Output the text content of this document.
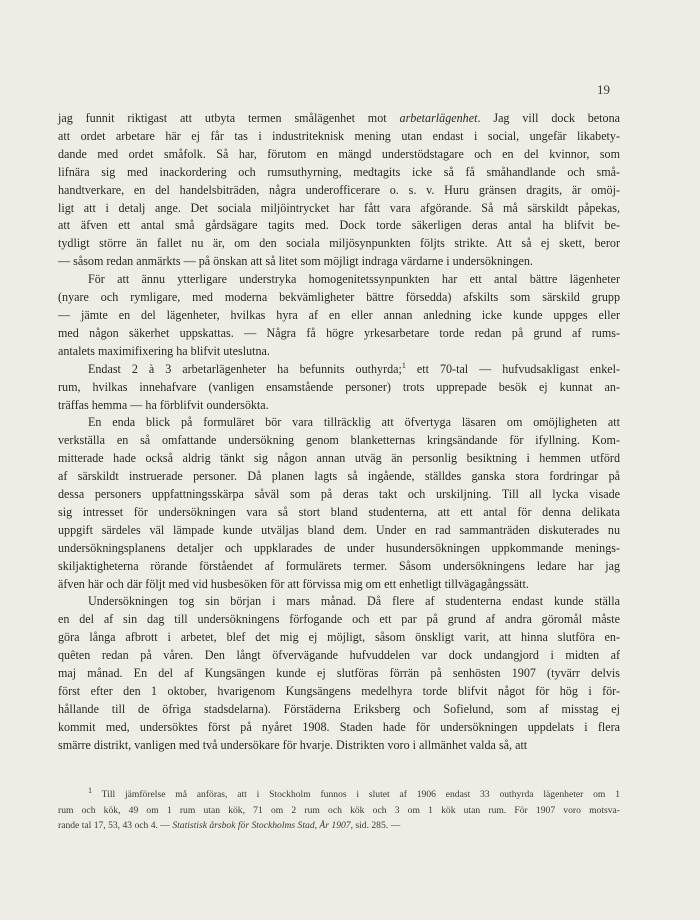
19
jag funnit riktigast att utbyta termen smålägenhet mot arbetarlägenhet. Jag vill dock betona
att ordet arbetare här ej får tas i industriteknisk mening utan endast i social, ungefär likabety-
dande med ordet småfolk. Så har, förutom en mängd understödstagare och en del kvinnor, som
lifnära sig med inackordering och rumsuthyrning, medtagits icke så få småhandlande och små-
handtverkare, en del handelsbiträden, några underofficerare o. s. v. Huru gränsen dragits, är omöj-
ligt att i detalj ange. Det sociala miljöintrycket har fått vara afgörande. Så må särskildt påpekas,
att äfven ett antal små gårdsägare tagits med. Dock torde säkerligen deras antal ha blifvit be-
tydligt större än fallet nu är, om den sociala miljösynpunkten följts strikte. Att så ej skett, beror
— såsom redan anmärkts — på önskan att så litet som möjligt indraga värdarne i undersökningen.
För att ännu ytterligare understryka homogenitetssynpunkten har ett antal bättre lägenheter
(nyare och rymligare, med moderna bekvämligheter bättre försedda) afskilts som särskild grupp
— jämte en del lägenheter, hvilkas hyra af en eller annan anledning icke kunde uppges eller
med någon säkerhet uppskattas. — Några få högre yrkesarbetare torde redan på grund af rums-
antalets maximifixering ha blifvit uteslutna.
Endast 2 à 3 arbetarlägenheter ha befunnits outhyrda;$^1$ ett 70-tal — hufvudsakligast enkel-
rum, hvilkas innehafvare (vanligen ensamstående personer) trots upprepade besök ej kunnat an-
träffas hemma — ha förblifvit oundersökta.
En enda blick på formuläret bör vara tillräcklig att öfvertyga läsaren om omöjligheten att
verkställa en så omfattande undersökning genom blanketternas kringsändande för ifyllning. Kom-
mitterade hade också aldrig tänkt sig någon annan utväg än personlig besiktning i hemmen utförd
af särskildt instruerade personer. Då planen lagts så ingående, ställdes ganska stora fordringar på
dessa personers uppfattningsskärpa såväl som på deras takt och urskiljning. Till all lycka visade
sig intresset för undersökningen vara så stort bland studenterna, att ett antal för denna delikata
uppgift särdeles väl lämpade kunde utväljas bland dem. Under en rad sammanträden diskuterades nu
undersökningsplanens detaljer och uppklarades de under husundersökningen uppkommande menings-
skiljaktigheterna rörande förståendet af formulärets termer. Såsom undersökningens ledare har jag
äfven här och där följt med vid husbesöken för att förvissa mig om ett enhetligt tillvägagångssätt.
Undersökningen tog sin början i mars månad. Då flere af studenterna endast kunde ställa
en del af sin dag till undersökningens förfogande och ett par på grund af andra göromål måste
göra långa afbrott i arbetet, blef det mig ej möjligt, såsom önskligt varit, att hinna slutföra en-
quêten redan på våren. Den långt öfvervägande hufvuddelen var dock undangjord i midten af
maj månad. En del af Kungsängen kunde ej slutföras förrän på senhösten 1907 (tyvärr delvis
först efter den 1 oktober, hvarigenom Kungsängens medelhyra torde blifvit något för hög i för-
hållande till de öfriga stadsdelarna). Förstäderna Eriksberg och Sofielund, som af misstag ej
kommit med, undersöktes först på nyåret 1908. Staden hade för undersökningen uppdelats i flera
smärre distrikt, vanligen med två undersökare för hvarje. Distrikten voro i allmänhet valda så, att
$^1$ Till jämförelse må anföras, att i Stockholm funnos i slutet af 1906 endast 33 outhyrda lägenheter om 1
rum och kök, 49 om 1 rum utan kök, 71 om 2 rum och kök och 3 om 1 kök utan rum. För 1907 voro motsva-
rande tal 17, 53, 43 och 4. — Statistisk årsbok för Stockholms Stad, År 1907, sid. 285. —
